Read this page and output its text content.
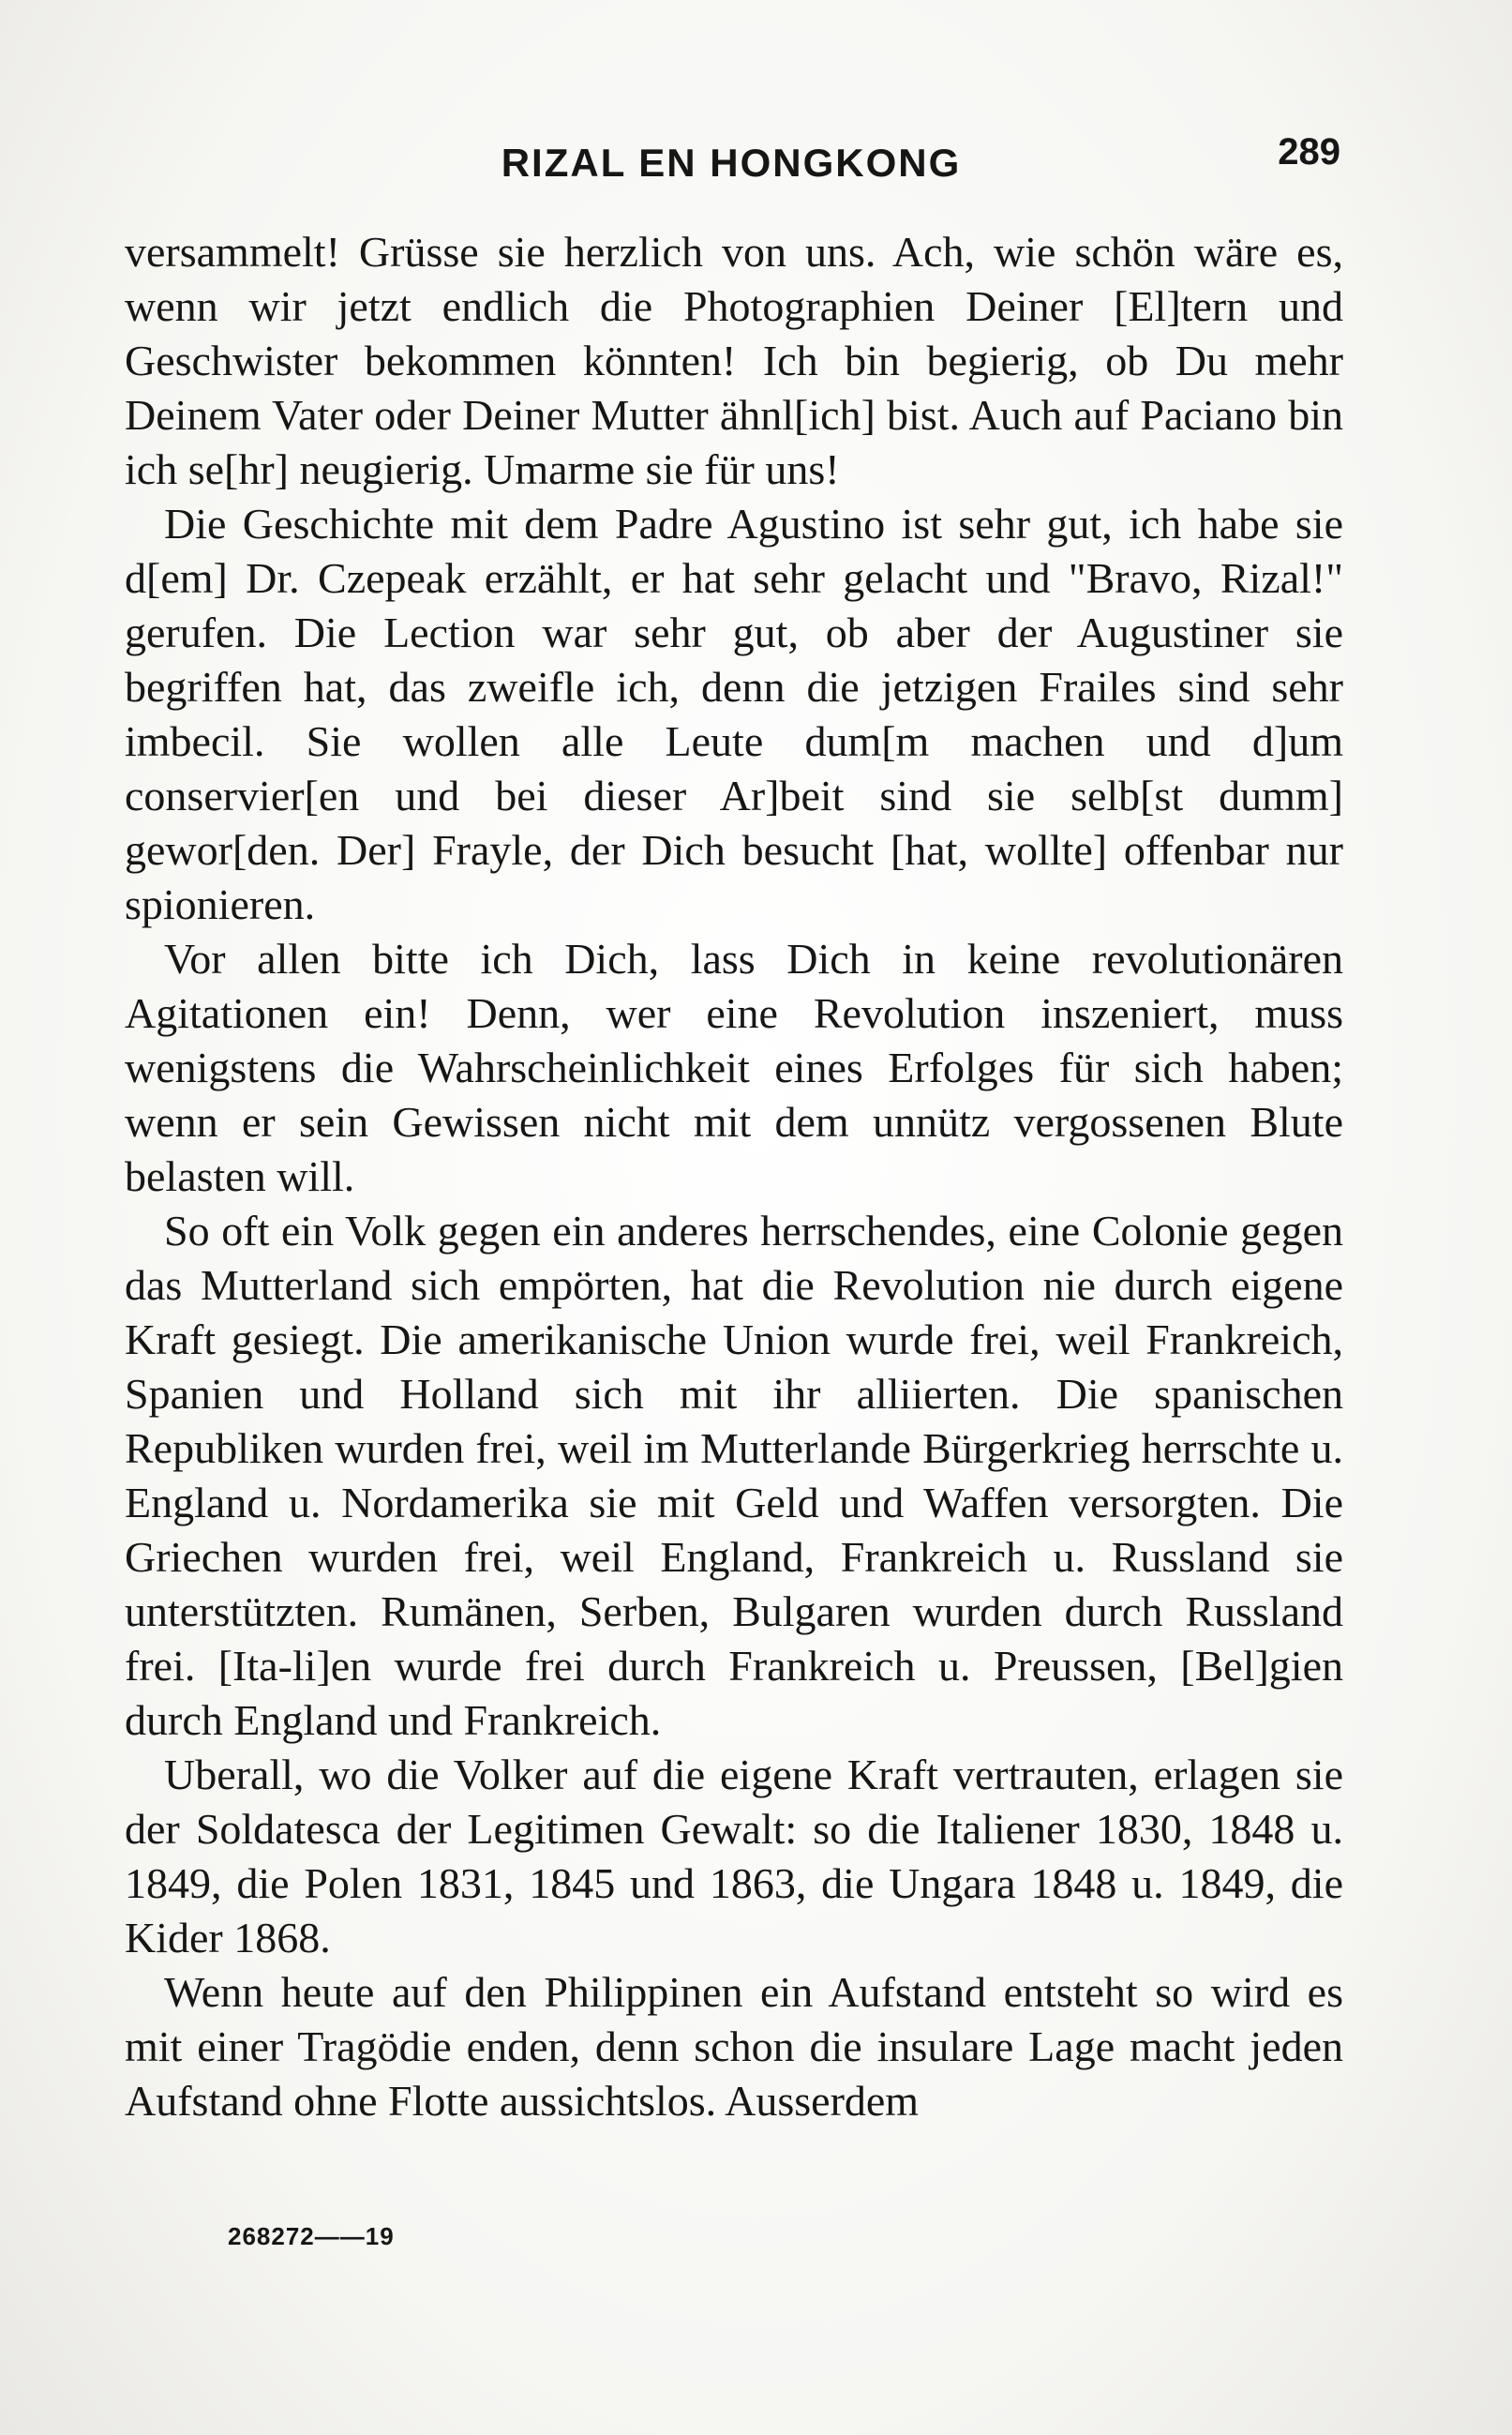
RIZAL EN HONGKONG	289

versammelt! Grüsse sie herzlich von uns. Ach, wie schön wäre es, wenn wir jetzt endlich die Photographien Deiner [El]tern und Geschwister bekommen könnten! Ich bin begierig, ob Du mehr Deinem Vater oder Deiner Mutter ähnl[ich] bist. Auch auf Paciano bin ich se[hr] neugierig. Umarme sie für uns!

Die Geschichte mit dem Padre Agustino ist sehr gut, ich habe sie d[em] Dr. Czepeak erzählt, er hat sehr gelacht und "Bravo, Rizal!" gerufen. Die Lection war sehr gut, ob aber der Augustiner sie begriffen hat, das zweifle ich, denn die jetzigen Frailes sind sehr imbecil. Sie wollen alle Leute dum[m machen und d]um conservier[en und bei dieser Ar]beit sind sie selb[st dumm] gewor[den. Der] Frayle, der Dich besucht [hat, wollte] offenbar nur spionieren.

Vor allen bitte ich Dich, lass Dich in keine revolutionären Agitationen ein! Denn, wer eine Revolution inszeniert, muss wenigstens die Wahrscheinlichkeit eines Erfolges für sich haben; wenn er sein Gewissen nicht mit dem unnütz vergossenen Blute belasten will.

So oft ein Volk gegen ein anderes herrschendes, eine Colonie gegen das Mutterland sich empörten, hat die Revolution nie durch eigene Kraft gesiegt. Die amerikanische Union wurde frei, weil Frankreich, Spanien und Holland sich mit ihr alliierten. Die spanischen Republiken wurden frei, weil im Mutterlande Bürgerkrieg herrschte u. England u. Nordamerika sie mit Geld und Waffen versorgten. Die Griechen wurden frei, weil England, Frankreich u. Russland sie unterstützten. Rumänen, Serben, Bulgaren wurden durch Russland frei. [Ita-li]en wurde frei durch Frankreich u. Preussen, [Bel]gien durch England und Frankreich.

Uberall, wo die Volker auf die eigene Kraft vertrauten, erlagen sie der Soldatesca der Legitimen Gewalt: so die Italiener 1830, 1848 u. 1849, die Polen 1831, 1845 und 1863, die Ungara 1848 u. 1849, die Kider 1868.

Wenn heute auf den Philippinen ein Aufstand entsteht so wird es mit einer Tragödie enden, denn schon die insulare Lage macht jeden Aufstand ohne Flotte aussichtslos. Ausserdem

268272——19
